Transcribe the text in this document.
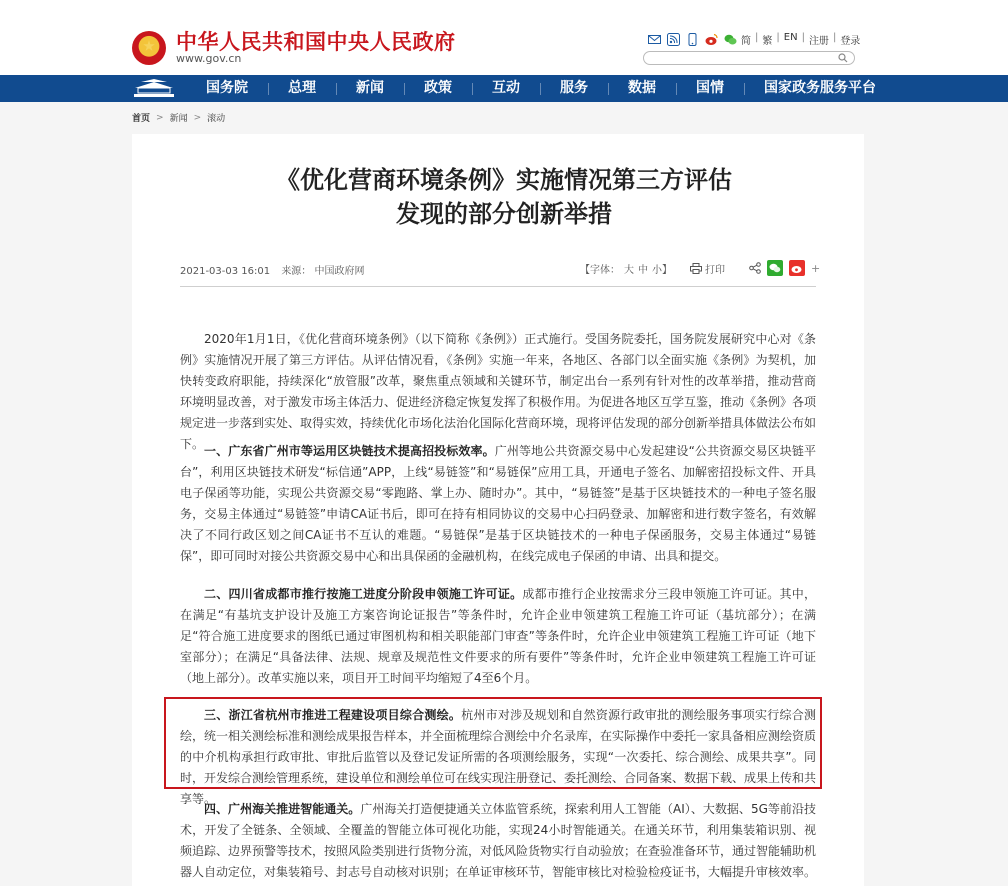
中华人民共和国中央人民政府
www.gov.cn
简 | 繁 | EN | 注册 | 登录
国务院	总理	新闻	政策	互动	服务	数据	国情	国家政务服务平台
首页 > 新闻 > 滚动
《优化营商环境条例》实施情况第三方评估
发现的部分创新举措
2021-03-03 16:01 来源： 中国政府网	【字体： 大 中 小】	打印	+

2020年1月1日，《优化营商环境条例》（以下简称《条例》）正式施行。受国务院委托，国务院发展研究中心对《条例》实施情况开展了第三方评估。从评估情况看，《条例》实施一年来，各地区、各部门以全面实施《条例》为契机，加快转变政府职能，持续深化“放管服”改革，聚焦重点领域和关键环节，制定出台一系列有针对性的改革举措，推动营商环境明显改善，对于激发市场主体活力、促进经济稳定恢复发挥了积极作用。为促进各地区互学互鉴，推动《条例》各项规定进一步落到实处、取得实效，持续优化市场化法治化国际化营商环境，现将评估发现的部分创新举措具体做法公布如下。 一、广东省广州市等运用区块链技术提高招投标效率。广州等地公共资源交易中心发起建设“公共资源交易区块链平台”，利用区块链技术研发“标信通”APP，上线“易链签”和“易链保”应用工具，开通电子签名、加解密招投标文件、开具电子保函等功能，实现公共资源交易“零跑路、掌上办、随时办”。其中，“易链签”是基于区块链技术的一种电子签名服务，交易主体通过“易链签”申请CA证书后，即可在持有相同协议的交易中心扫码登录、加解密和进行数字签名，有效解决了不同行政区划之间CA证书不互认的难题。“易链保”是基于区块链技术的一种电子保函服务，交易主体通过“易链保”，即可同时对接公共资源交易中心和出具保函的金融机构，在线完成电子保函的申请、出具和提交。

二、四川省成都市推行按施工进度分阶段申领施工许可证。成都市推行企业按需求分三段申领施工许可证。其中，在满足“有基坑支护设计及施工方案咨询论证报告”等条件时，允许企业申领建筑工程施工许可证（基坑部分）；在满足“符合施工进度要求的图纸已通过审图机构和相关职能部门审查”等条件时，允许企业申领建筑工程施工许可证（地下室部分）；在满足“具备法律、法规、规章及规范性文件要求的所有要件”等条件时，允许企业申领建筑工程施工许可证（地上部分）。改革实施以来，项目开工时间平均缩短了4至6个月。

三、浙江省杭州市推进工程建设项目综合测绘。杭州市对涉及规划和自然资源行政审批的测绘服务事项实行综合测绘，统一相关测绘标准和测绘成果报告样本，并全面梳理综合测绘中介名录库，在实际操作中委托一家具备相应测绘资质的中介机构承担行政审批、审批后监管以及登记发证所需的各项测绘服务，实现“一次委托、综合测绘、成果共享”。同时，开发综合测绘管理系统，建设单位和测绘单位可在线实现注册登记、委托测绘、合同备案、数据下载、成果上传和共享等。

四、广州海关推进智能通关。广州海关打造便捷通关立体监管系统，探索利用人工智能（AI）、大数据、5G等前沿技术，开发了全链条、全领域、全覆盖的智能立体可视化功能，实现24小时智能通关。在通关环节，利用集装箱识别、视频追踪、边界预警等技术，按照风险类别进行货物分流，对低风险货物实行自动验放；在查验准备环节，通过智能辅助机器人自动定位，对集装箱号、封志号自动核对识别；在单证审核环节，智能审核比对检验检疫证书，大幅提升审核效率。
